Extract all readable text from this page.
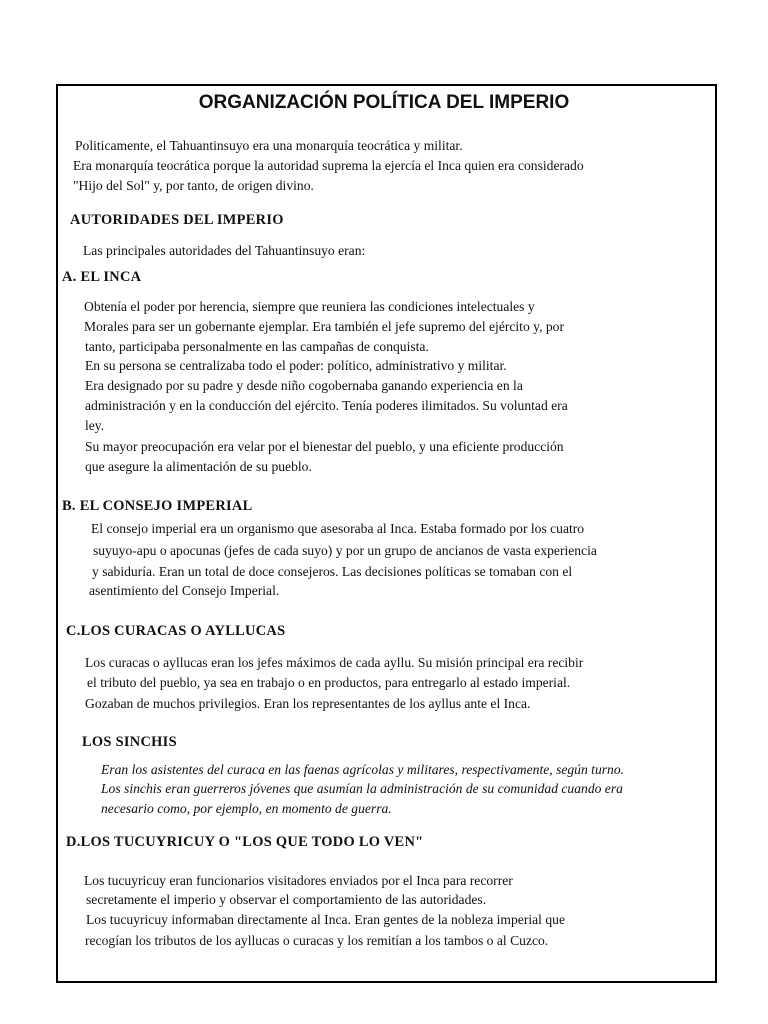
ORGANIZACIÓN POLÍTICA DEL IMPERIO
Politicamente, el Tahuantinsuyo era una monarquía teocrática y militar.
Era monarquía teocrática porque la autoridad suprema la ejercía el Inca quien era considerado
"Hijo del Sol" y, por tanto, de origen divino.
AUTORIDADES DEL IMPERIO
Las principales autoridades del Tahuantinsuyo eran:
A. EL INCA
Obtenía el poder por herencia, siempre que reuniera las condiciones intelectuales y
Morales para ser un gobernante ejemplar. Era también el jefe supremo del ejército y, por
tanto, participaba personalmente en las campañas de conquista.
En su persona se centralizaba todo el poder: político, administrativo y militar.
Era designado por su padre y desde niño cogobernaba ganando experiencia en la
administración y en la conducción del ejército. Tenía poderes ilimitados. Su voluntad era
ley.
Su mayor preocupación era velar por el bienestar del pueblo, y una eficiente producción
que asegure la alimentación de su pueblo.
B. EL CONSEJO IMPERIAL
El consejo imperial era un organismo que asesoraba al Inca. Estaba formado por los cuatro
suyuyo-apu o apocunas (jefes de cada suyo) y por un grupo de ancianos de vasta experiencia
y sabiduría. Eran un total de doce consejeros. Las decisiones políticas se tomaban con el
asentimiento del Consejo Imperial.
C.LOS CURACAS O AYLLUCAS
Los curacas o ayllucas eran los jefes máximos de cada ayllu. Su misión principal era recibir
el tributo del pueblo, ya sea en trabajo o en productos, para entregarlo al estado imperial.
Gozaban de muchos privilegios. Eran los representantes de los ayllus ante el Inca.
LOS SINCHIS
Eran los asistentes del curaca en las faenas agrícolas y militares, respectivamente, según turno.
Los sinchis eran guerreros jóvenes que asumían la administración de su comunidad cuando era
necesario como, por ejemplo, en momento de guerra.
D.LOS TUCUYRICUY O "LOS QUE TODO LO VEN"
Los tucuyricuy eran funcionarios visitadores enviados por el Inca para recorrer
secretamente el imperio y observar el comportamiento de las autoridades.
Los tucuyricuy informaban directamente al Inca. Eran gentes de la nobleza imperial que
recogían los tributos de los ayllucas o curacas y los remitían a los tambos o al Cuzco.
